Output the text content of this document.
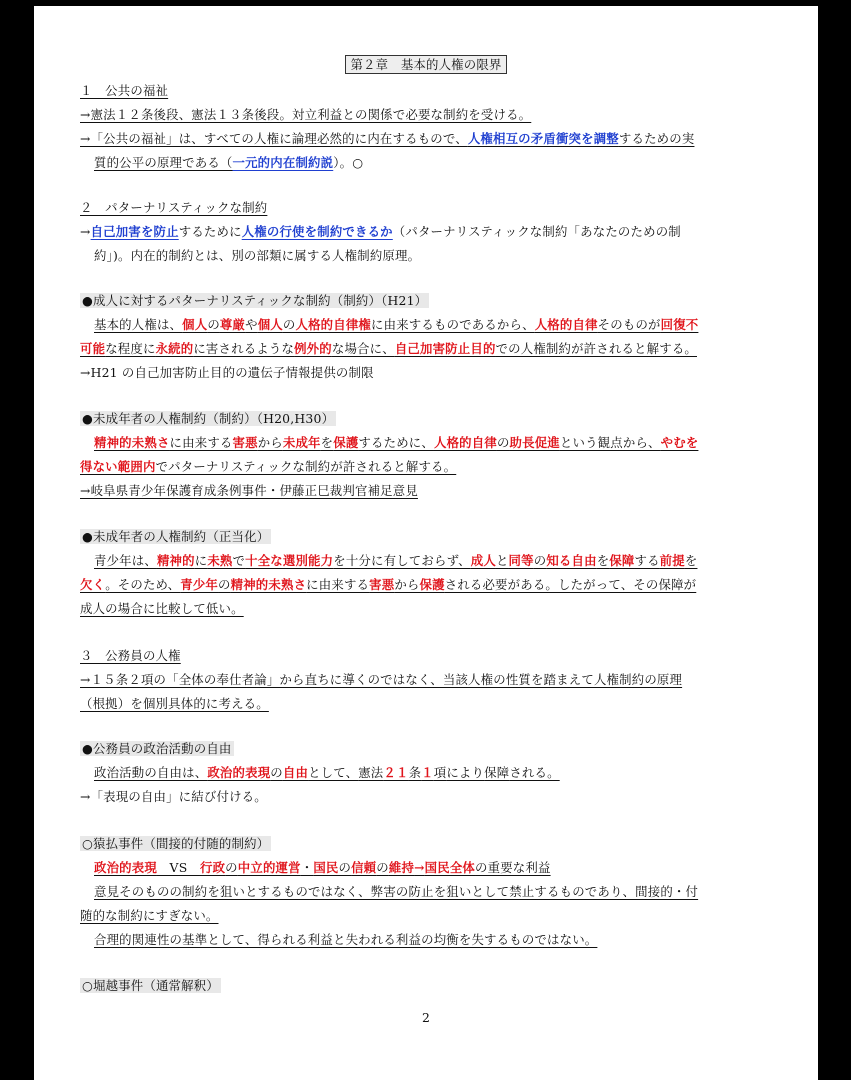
第２章　基本的人権の限界
１　公共の福祉
→憲法１２条後段、憲法１３条後段。対立利益との関係で必要な制約を受ける。
→「公共の福祉」は、すべての人権に論理必然的に内在するもので、人権相互の矛盾衝突を調整するための実
質的公平の原理である（一元的内在制約説）。○
２　パターナリスティックな制約
→自己加害を防止するために人権の行使を制約できるか（パターナリスティックな制約「あなたのための制
約」)。内在的制約とは、別の部類に属する人権制約原理。
●成人に対するパターナリスティックな制約（制約）（H21）
基本的人権は、個人の尊厳や個人の人格的自律権に由来するものであるから、人格的自律そのものが回復不
可能な程度に永続的に害されるような例外的な場合に、自己加害防止目的での人権制約が許されると解する。
→H21 の自己加害防止目的の遺伝子情報提供の制限
●未成年者の人権制約（制約）（H20,H30）
精神的未熟さに由来する害悪から未成年を保護するために、人格的自律の助長促進という観点から、やむを
得ない範囲内でパターナリスティックな制約が許されると解する。
→岐阜県青少年保護育成条例事件・伊藤正巳裁判官補足意見
●未成年者の人権制約（正当化）
青少年は、精神的に未熟で十全な選別能力を十分に有しておらず、成人と同等の知る自由を保障する前提を
欠く。そのため、青少年の精神的未熟さに由来する害悪から保護される必要がある。したがって、その保障が
成人の場合に比較して低い。
３　公務員の人権
→１５条２項の「全体の奉仕者論」から直ちに導くのではなく、当該人権の性質を踏まえて人権制約の原理
（根拠）を個別具体的に考える。
●公務員の政治活動の自由
政治活動の自由は、政治的表現の自由として、憲法２１条１項により保障される。
→「表現の自由」に結び付ける。
○猿払事件（間接的付随的制約）
政治的表現　VS　行政の中立的運営・国民の信頼の維持→国民全体の重要な利益
意見そのものの制約を狙いとするものではなく、弊害の防止を狙いとして禁止するものであり、間接的・付
随的な制約にすぎない。
合理的関連性の基準として、得られる利益と失われる利益の均衡を失するものではない。
○堀越事件（通常解釈）
2
